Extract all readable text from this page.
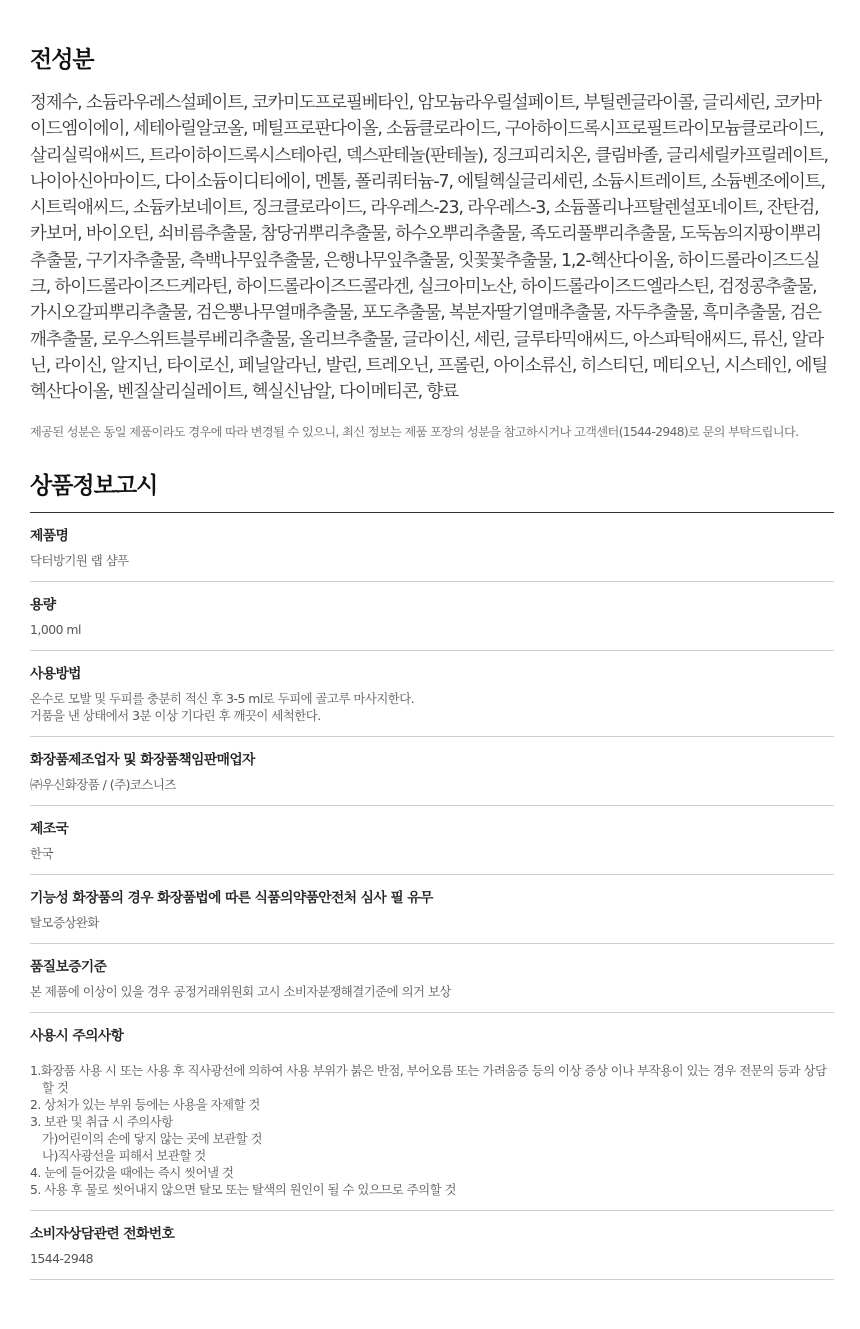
전성분

정제수, 소듐라우레스설페이트, 코카미도프로필베타인, 암모늄라우릴설페이트, 부틸렌글라이콜, 글리세린, 코카마이드엠이에이, 세테아릴알코올, 메틸프로판다이올, 소듐클로라이드, 구아하이드록시프로필트라이모늄클로라이드, 살리실릭애씨드, 트라이하이드록시스테아린, 덱스판테놀(판테놀), 징크피리치온, 클림바졸, 글리세릴카프릴레이트, 나이아신아마이드, 다이소듐이디티에이, 멘톨, 폴리쿼터늄-7, 에틸헥실글리세린, 소듐시트레이트, 소듐벤조에이트, 시트릭애씨드, 소듐카보네이트, 징크클로라이드, 라우레스-23, 라우레스-3, 소듐폴리나프탈렌설포네이트, 잔탄검, 카보머, 바이오틴, 쇠비름추출물, 참당귀뿌리추출물, 하수오뿌리추출물, 족도리풀뿌리추출물, 도둑놈의지팡이뿌리추출물, 구기자추출물, 측백나무잎추출물, 은행나무잎추출물, 잇꽃꽃추출물, 1,2-헥산다이올, 하이드롤라이즈드실크, 하이드롤라이즈드케라틴, 하이드롤라이즈드콜라겐, 실크아미노산, 하이드롤라이즈드엘라스틴, 검정콩추출물, 가시오갈피뿌리추출물, 검은뽕나무열매추출물, 포도추출물, 복분자딸기열매추출물, 자두추출물, 흑미추출물, 검은깨추출물, 로우스위트블루베리추출물, 올리브추출물, 글라이신, 세린, 글루타믹애씨드, 아스파틱애씨드, 류신, 알라닌, 라이신, 알지닌, 타이로신, 페닐알라닌, 발린, 트레오닌, 프롤린, 아이소류신, 히스티딘, 메티오닌, 시스테인, 에틸헥산다이올, 벤질살리실레이트, 헥실신남알, 다이메티콘, 향료

제공된 성분은 동일 제품이라도 경우에 따라 변경될 수 있으니, 최신 정보는 제품 포장의 성분을 참고하시거나 고객센터(1544-2948)로 문의 부탁드립니다.

상품정보고시

제품명

닥터방기원 랩 샴푸

용량

1,000 ml

사용방법

온수로 모발 및 두피를 충분히 적신 후 3-5 ml로 두피에 골고루 마사지한다.
거품을 낸 상태에서 3분 이상 기다린 후 깨끗이 세척한다.

화장품제조업자 및 화장품책임판매업자

㈜우신화장품 / (주)코스니즈

제조국

한국

기능성 화장품의 경우 화장품법에 따른 식품의약품안전처 심사 필 유무

탈모증상완화

품질보증기준

본 제품에 이상이 있을 경우 공정거래위원회 고시 소비자분쟁해결기준에 의거 보상

사용시 주의사항

1.화장품 사용 시 또는 사용 후 직사광선에 의하여 사용 부위가 붉은 반점, 부어오름 또는 가려움증 등의 이상 증상 이나 부작용이 있는 경우 전문의 등과 상담할 것
2. 상처가 있는 부위 등에는 사용을 자제할 것
3. 보관 및 취급 시 주의사항
가)어린이의 손에 닿지 않는 곳에 보관할 것
나)직사광선을 피해서 보관할 것
4. 눈에 들어갔을 때에는 즉시 씻어낼 것
5. 사용 후 물로 씻어내지 않으면 탈모 또는 탈색의 원인이 될 수 있으므로 주의할 것

소비자상담관련 전화번호

1544-2948
